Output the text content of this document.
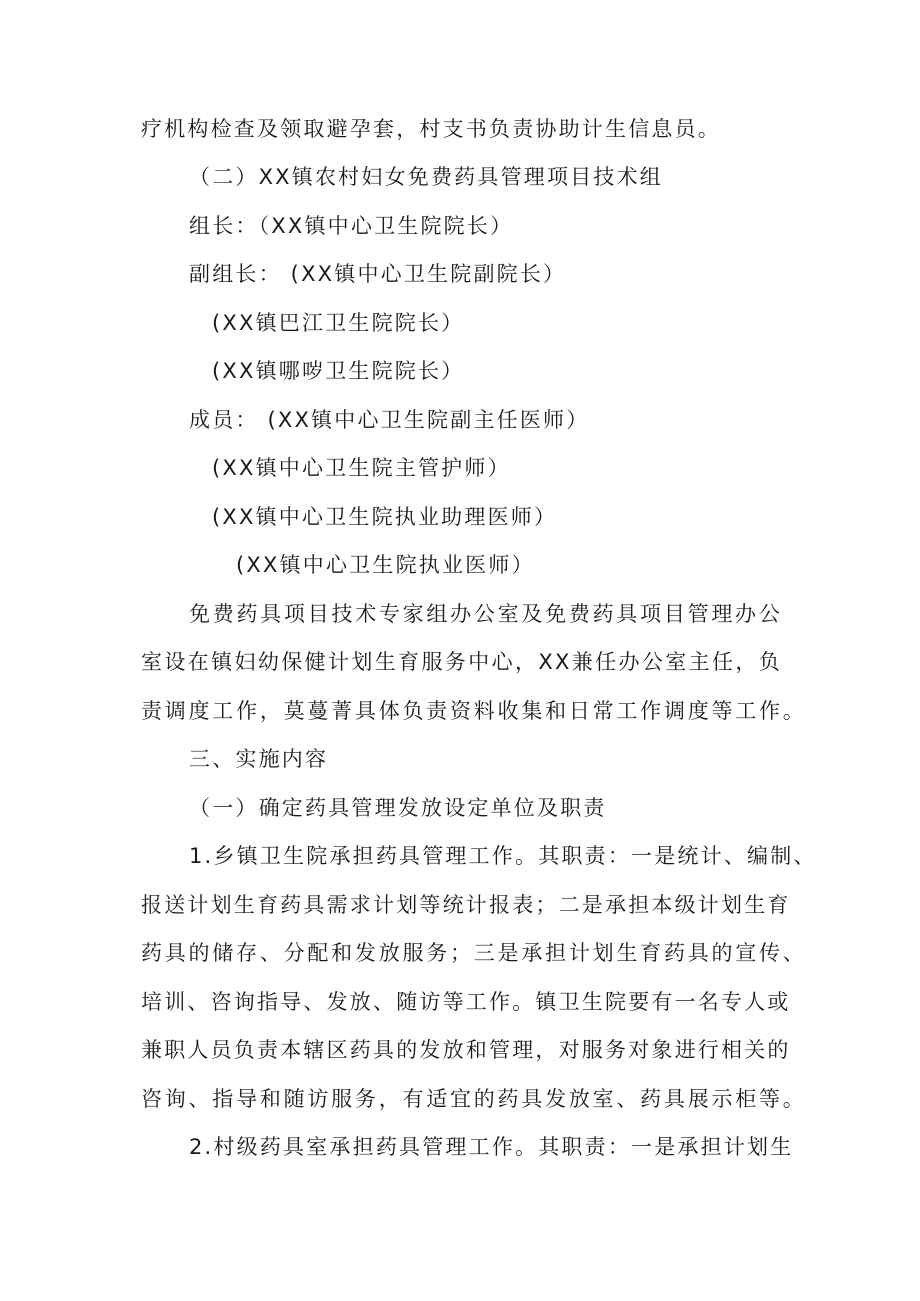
疗机构检查及领取避孕套，村支书负责协助计生信息员。
（二）XX镇农村妇女免费药具管理项目技术组
组长：（XX镇中心卫生院院长）
副组长： (XX镇中心卫生院副院长）
(XX镇巴江卫生院院长）
(XX镇哪哕卫生院院长）
成员： (XX镇中心卫生院副主任医师）
(XX镇中心卫生院主管护师）
(XX镇中心卫生院执业助理医师）
(XX镇中心卫生院执业医师）
免费药具项目技术专家组办公室及免费药具项目管理办公
室设在镇妇幼保健计划生育服务中心，XX兼任办公室主任，负
责调度工作，莫蔓菁具体负责资料收集和日常工作调度等工作。
三、实施内容
（一）确定药具管理发放设定单位及职责
1.乡镇卫生院承担药具管理工作。其职责：一是统计、编制、
报送计划生育药具需求计划等统计报表；二是承担本级计划生育
药具的储存、分配和发放服务；三是承担计划生育药具的宣传、
培训、咨询指导、发放、随访等工作。镇卫生院要有一名专人或
兼职人员负责本辖区药具的发放和管理，对服务对象进行相关的
咨询、指导和随访服务，有适宜的药具发放室、药具展示柜等。
2.村级药具室承担药具管理工作。其职责：一是承担计划生
